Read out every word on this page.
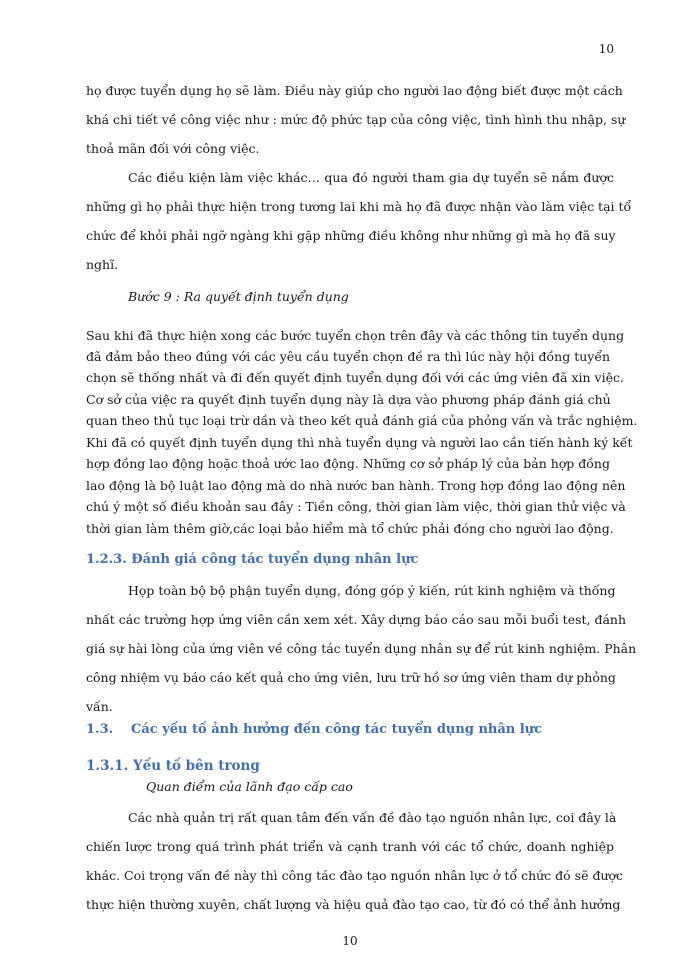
10
họ được tuyển dụng họ sẽ làm. Điều này giúp cho người lao động biết được một cách
khá chi tiết về công việc như : mức độ phức tạp của công việc, tình hình thu nhập, sự
thoả mãn đối với công việc.
Các điều kiện làm việc khác… qua đó người tham gia dự tuyển sẽ nắm được
những gì họ phải thực hiện trong tương lai khi mà họ đã được nhận vào làm việc tại tổ
chức để khỏi phải ngỡ ngàng khi gặp những điều không như những gì mà họ đã suy
nghĩ.
Bước 9 : Ra quyết định tuyển dụng
Sau khi đã thực hiện xong các bước tuyển chọn trên đây và các thông tin tuyển dụng
đã đảm bảo theo đúng với các yêu cầu tuyển chọn đề ra thì lúc này hội đồng tuyển
chọn sẽ thống nhất và đi đến quyết định tuyển dụng đối với các ứng viên đã xin việc.
Cơ sở của việc ra quyết định tuyển dụng này là dựa vào phương pháp đánh giá chủ
quan theo thủ tục loại trừ dần và theo kết quả đánh giá của phỏng vấn và trắc nghiệm.
Khi đã có quyết định tuyển dụng thì nhà tuyển dụng và người lao cần tiến hành ký kết
hợp đồng lao động hoặc thoả ước lao động. Những cơ sở pháp lý của bản hợp đồng
lao động là bộ luật lao động mà do nhà nước ban hành. Trong hợp đồng lao động nên
chú ý một số điều khoản sau đây : Tiền công, thời gian làm việc, thời gian thử việc và
thời gian làm thêm giờ,các loại bảo hiểm mà tổ chức phải đóng cho người lao động.
1.2.3. Đánh giá công tác tuyển dụng nhân lực
Họp toàn bộ bộ phận tuyển dụng, đóng góp ý kiến, rút kinh nghiệm và thống
nhất các trường hợp ứng viên cần xem xét. Xây dựng báo cáo sau mỗi buổi test, đánh
giá sự hài lòng của ứng viên về công tác tuyển dụng nhân sự để rút kinh nghiệm. Phân
công nhiệm vụ báo cáo kết quả cho ứng viên, lưu trữ hồ sơ ứng viên tham dự phỏng
vấn.
1.3. Các yếu tố ảnh hưởng đến công tác tuyển dụng nhân lực
1.3.1. Yếu tố bên trong
Quan điểm của lãnh đạo cấp cao
Các nhà quản trị rất quan tâm đến vấn đề đào tạo nguồn nhân lực, coi đây là
chiến lược trong quá trình phát triển và cạnh tranh với các tổ chức, doanh nghiệp
khác. Coi trọng vấn đề này thì công tác đào tạo nguồn nhân lực ở tổ chức đó sẽ được
thực hiện thường xuyên, chất lượng và hiệu quả đào tạo cao, từ đó có thể ảnh hưởng
10
